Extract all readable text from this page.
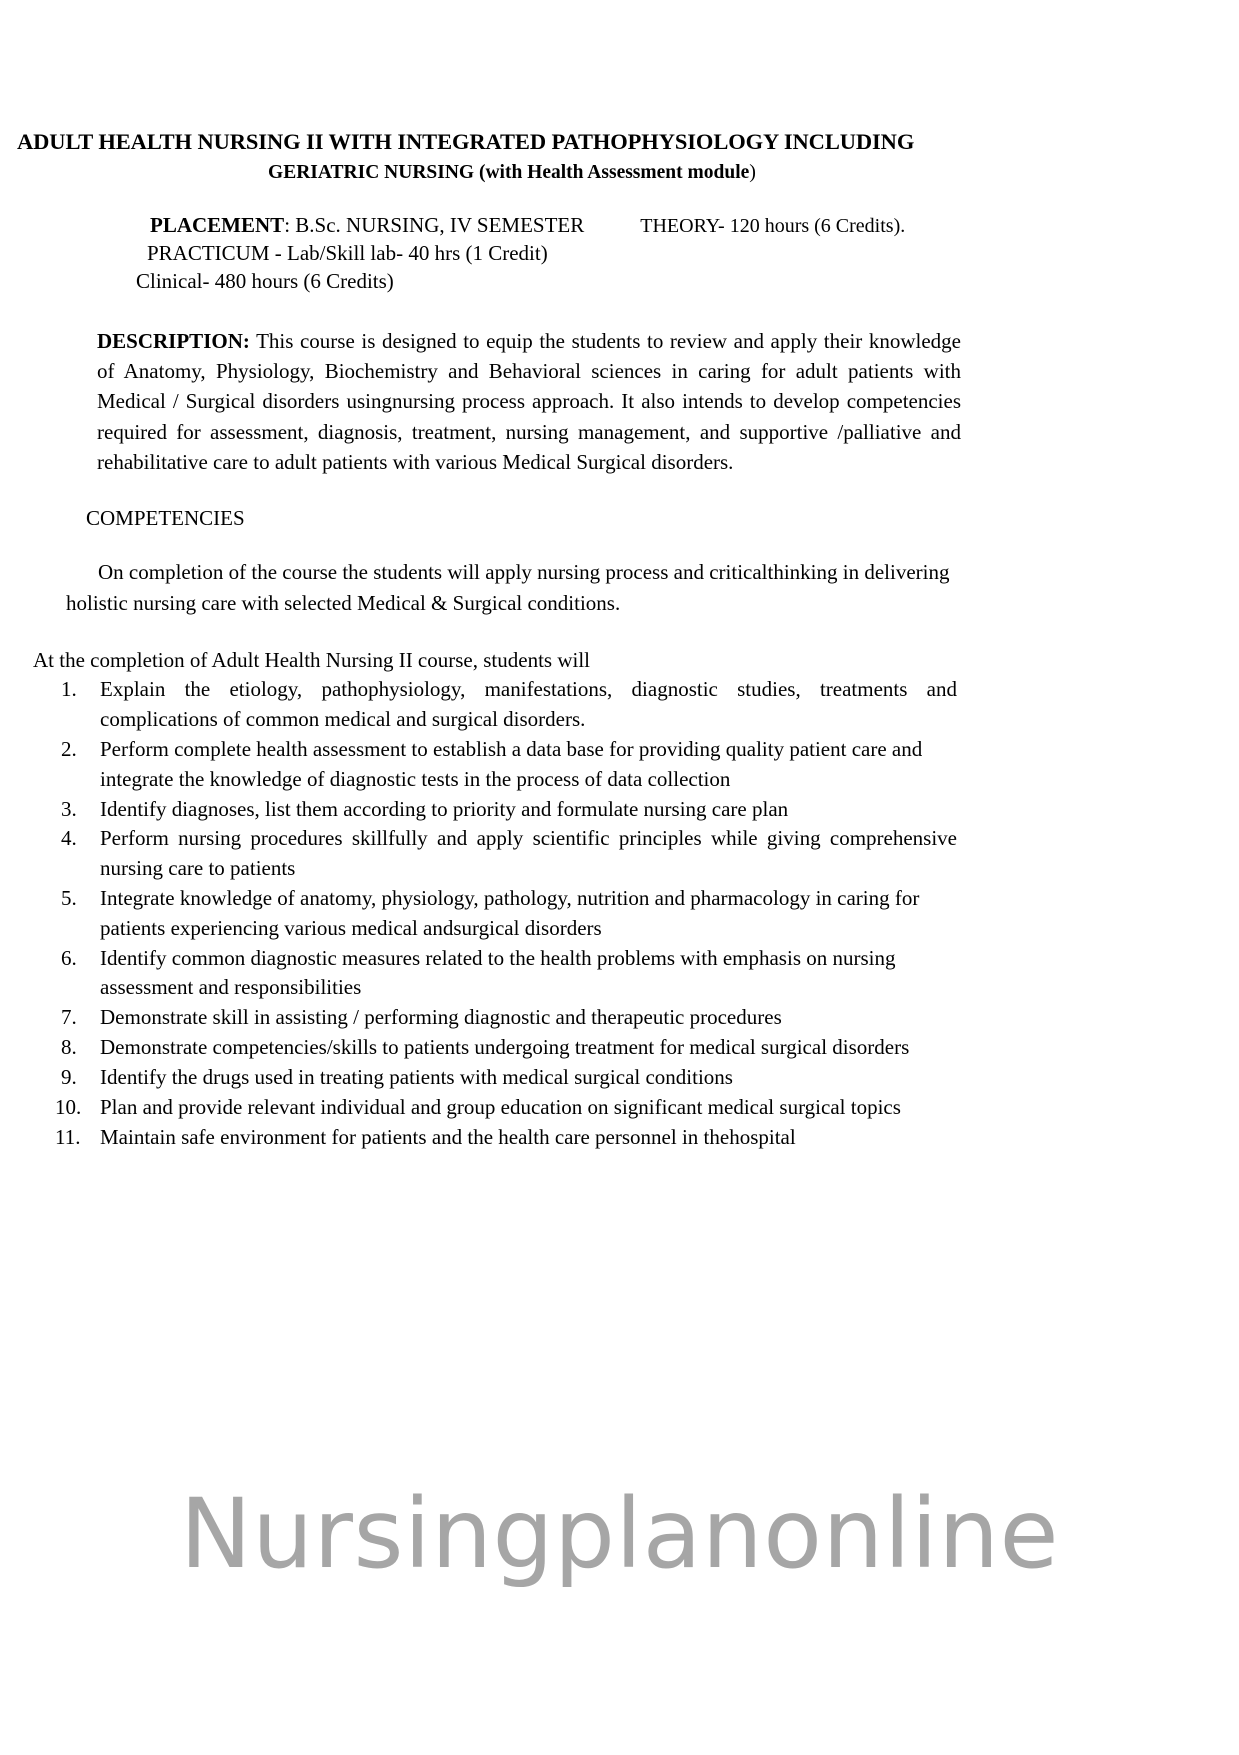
ADULT HEALTH NURSING II WITH INTEGRATED PATHOPHYSIOLOGY INCLUDING
GERIATRIC NURSING (with Health Assessment module)
PLACEMENT: B.Sc. NURSING, IV SEMESTER	THEORY- 120 hours (6 Credits).
PRACTICUM - Lab/Skill lab- 40 hrs (1 Credit)
Clinical- 480 hours (6 Credits)
DESCRIPTION: This course is designed to equip the students to review and apply their knowledge of Anatomy, Physiology, Biochemistry and Behavioral sciences in caring for adult patients with Medical / Surgical disorders usingnursing process approach. It also intends to develop competencies required for assessment, diagnosis, treatment, nursing management, and supportive /palliative and rehabilitative care to adult patients with various Medical Surgical disorders.
COMPETENCIES
On completion of the course the students will apply nursing process and criticalthinking in delivering holistic nursing care with selected Medical & Surgical conditions.
At the completion of Adult Health Nursing II course, students will
1.	Explain the etiology, pathophysiology, manifestations, diagnostic studies, treatments and complications of common medical and surgical disorders.
2.	Perform complete health assessment to establish a data base for providing quality patient care and integrate the knowledge of diagnostic tests in the process of data collection
3.	Identify diagnoses, list them according to priority and formulate nursing care plan
4.	Perform nursing procedures skillfully and apply scientific principles while giving comprehensive nursing care to patients
5.	Integrate knowledge of anatomy, physiology, pathology, nutrition and pharmacology in caring for patients experiencing various medical andsurgical disorders
6.	Identify common diagnostic measures related to the health problems with emphasis on nursing assessment and responsibilities
7.	Demonstrate skill in assisting / performing diagnostic and therapeutic procedures
8.	Demonstrate competencies/skills to patients undergoing treatment for medical surgical disorders
9.	Identify the drugs used in treating patients with medical surgical conditions
10. Plan and provide relevant individual and group education on significant medical surgical topics
11. Maintain safe environment for patients and the health care personnel in thehospital
Nursingplanonline
